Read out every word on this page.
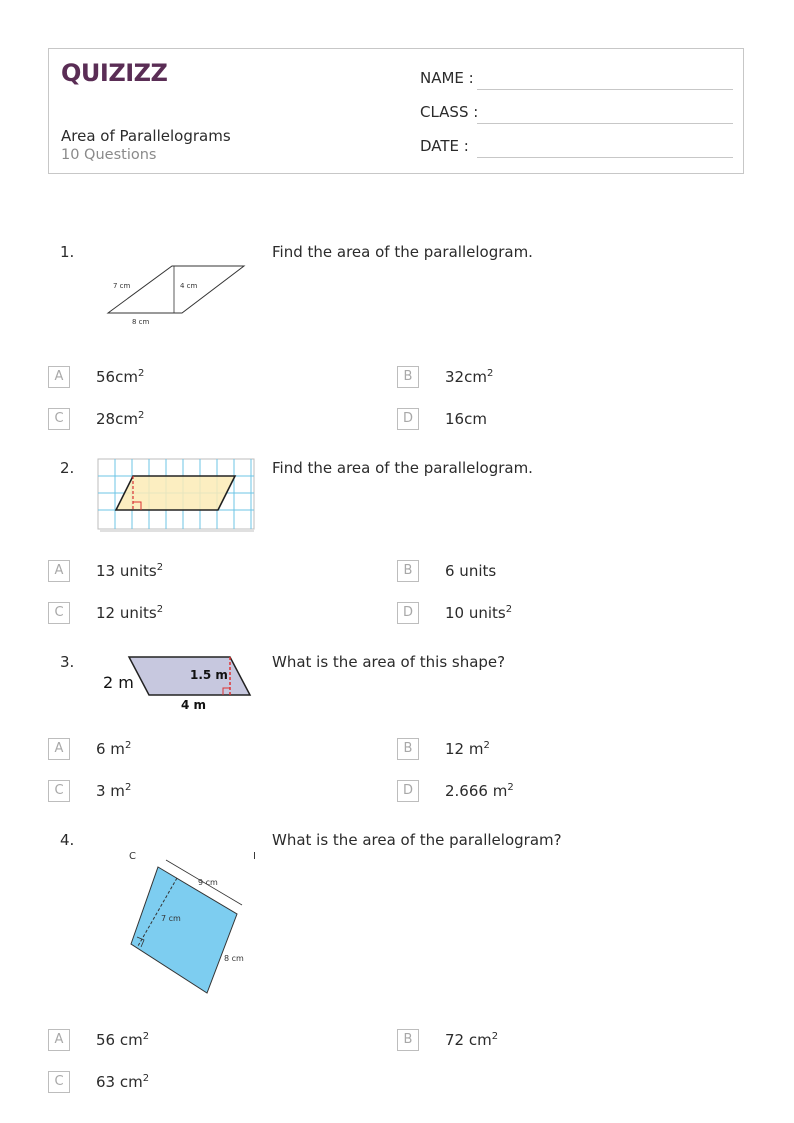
QUIZIZZ
Area of Parallelograms
10 Questions
NAME :
CLASS :
DATE :
1.	Find the area of the parallelogram.
7 cm	4 cm
8 cm
A	$56cm^2$	B	$32cm^2$
C	$28cm^2$	D	16cm
2.	Find the area of the parallelogram.
A	13 units$^2$	B	6 units
C	12 units$^2$	D	10 units$^2$
3.	What is the area of this shape?
2 m	1.5 m
4 m
A	6 $m^2$	B	12 $m^2$
C	3 $m^2$	D	2.666 $m^2$
4.	What is the area of the parallelogram?
C	I
9 cm
7 cm
8 cm
A	56 $cm^2$	B	72 $cm^2$
C	63 $cm^2$
